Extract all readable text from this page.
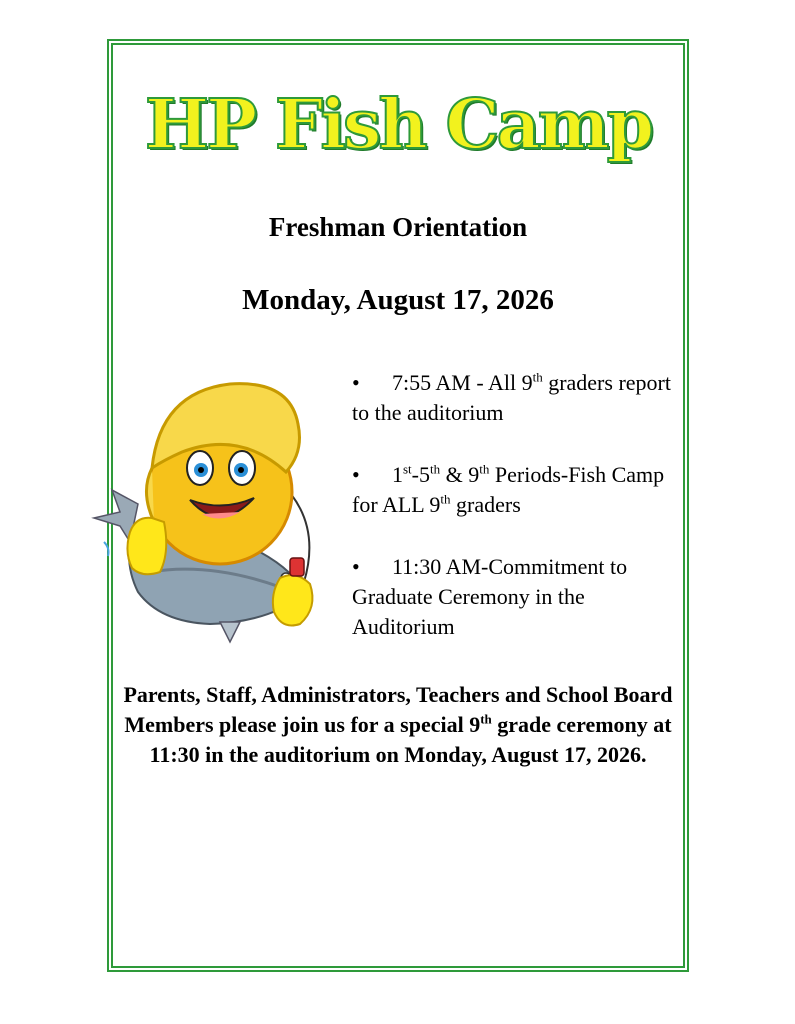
HP Fish Camp
Freshman Orientation
Monday, August 17, 2026
• 7:55 AM - All 9th graders report to the auditorium
• 1st-5th & 9th Periods-Fish Camp for ALL 9th graders
• 11:30 AM-Commitment to Graduate Ceremony in the Auditorium
Parents, Staff, Administrators, Teachers and School Board Members please join us for a special 9th grade ceremony at 11:30 in the auditorium on Monday, August 17, 2026.
